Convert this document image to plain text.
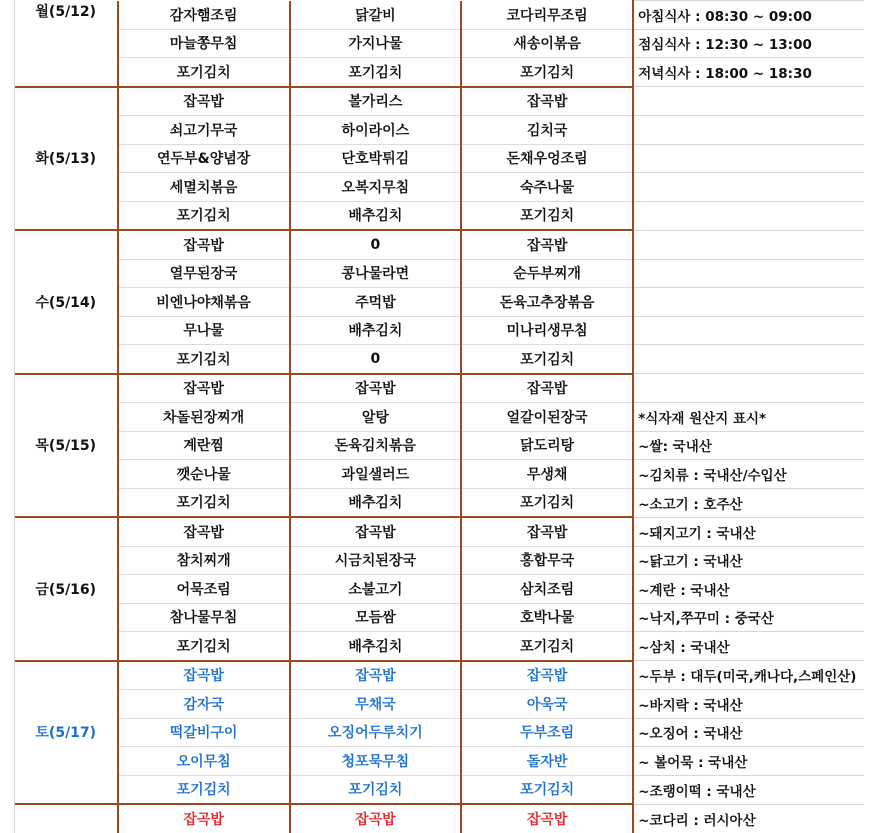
월(5/12)	감자햄조림	닭갈비	코다리무조림	아침식사 : 08:30 ~ 09:00
	마늘쫑무침	가지나물	새송이볶음	점심식사 : 12:30 ~ 13:00
	포기김치	포기김치	포기김치	저녁식사 : 18:00 ~ 18:30
화(5/13)	잡곡밥	볼가리스	잡곡밥	
	쇠고기무국	하이라이스	김치국	
	연두부&양념장	단호박튀김	돈채우엉조림	
	세멸치볶음	오복지무침	숙주나물	
	포기김치	배추김치	포기김치	
수(5/14)	잡곡밥	0	잡곡밥	
	열무된장국	콩나물라면	순두부찌개	
	비엔나야채볶음	주먹밥	돈육고추장볶음	
	무나물	배추김치	미나리생무침	
	포기김치	0	포기김치	
목(5/15)	잡곡밥	잡곡밥	잡곡밥	
	차돌된장찌개	알탕	얼갈이된장국	*식자재 원산지 표시*
	계란찜	돈육김치볶음	닭도리탕	~쌀: 국내산
	깻순나물	과일샐러드	무생채	~김치류 : 국내산/수입산
	포기김치	배추김치	포기김치	~소고기 : 호주산
금(5/16)	잡곡밥	잡곡밥	잡곡밥	~돼지고기 : 국내산
	참치찌개	시금치된장국	홍합무국	~닭고기 : 국내산
	어묵조림	소불고기	삼치조림	~계란 : 국내산
	참나물무침	모듬쌈	호박나물	~낙지,쭈꾸미 : 중국산
	포기김치	배추김치	포기김치	~삼치 : 국내산
토(5/17)	잡곡밥	잡곡밥	잡곡밥	~두부 : 대두(미국,캐나다,스페인산)
	감자국	무채국	아욱국	~바지락 : 국내산
	떡갈비구이	오징어두루치기	두부조림	~오징어 : 국내산
	오이무침	청포묵무침	돌자반	~ 볼어묵 : 국내산
	포기김치	포기김치	포기김치	~조랭이떡 : 국내산
	잡곡밥	잡곡밥	잡곡밥	~코다리 : 러시아산
